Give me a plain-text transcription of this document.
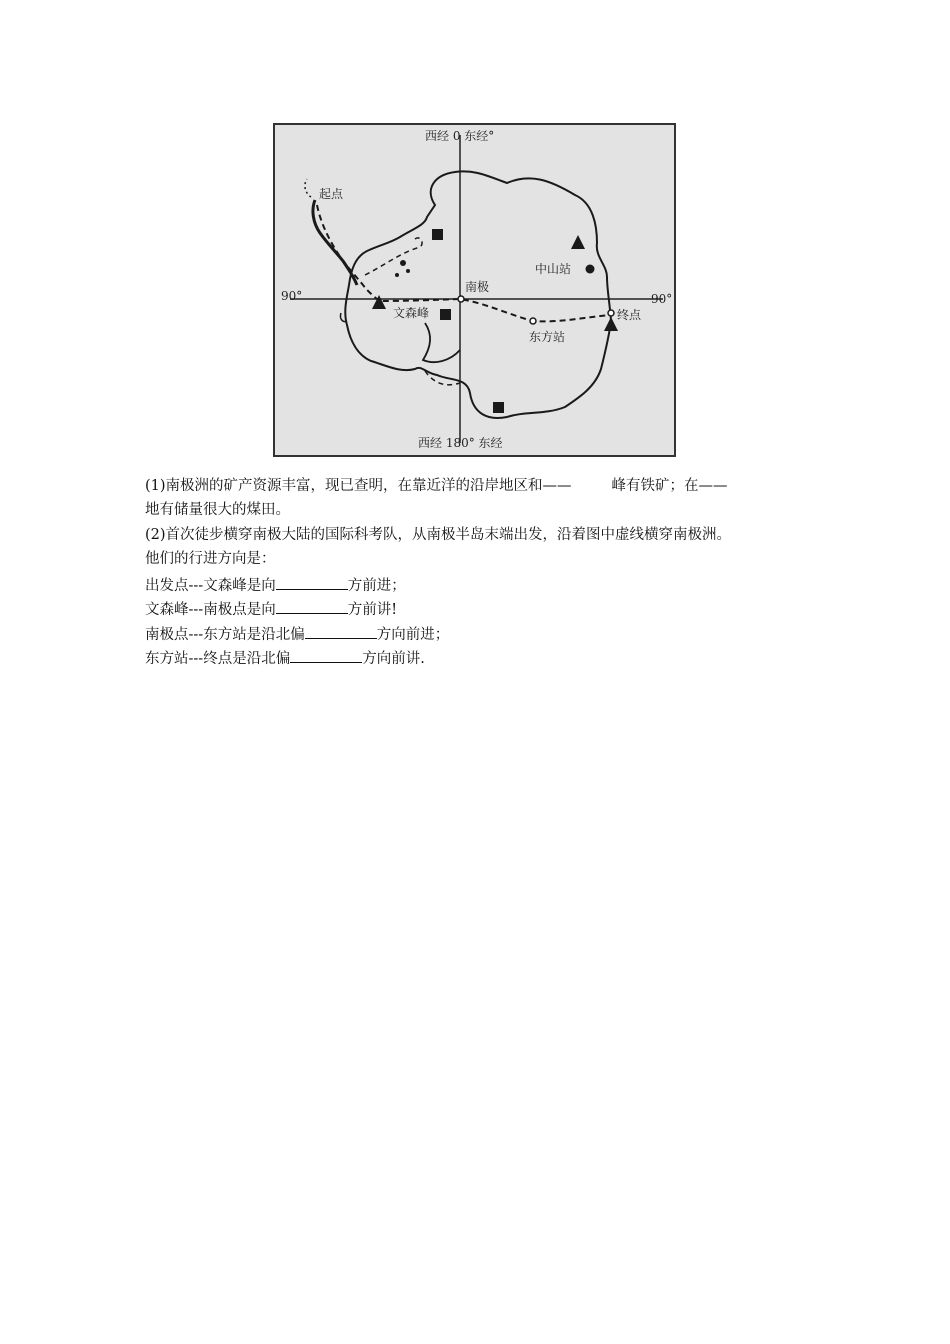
西经 0 东经°
西经 180° 东经
90°	90°
起点
终点
南极
文森峰
东方站
中山站
(1)南极洲的矿产资源丰富，现已查明，在靠近洋的沿岸地区和——	峰有铁矿；在——
地有储量很大的煤田。
(2)首次徒步横穿南极大陆的国际科考队，从南极半岛末端出发，沿着图中虚线横穿南极洲。
他们的行进方向是：
出发点---文森峰是向	方前进；
文森峰---南极点是向	方前讲!
南极点---东方站是沿北偏	方向前进；
东方站---终点是沿北偏	方向前讲.
